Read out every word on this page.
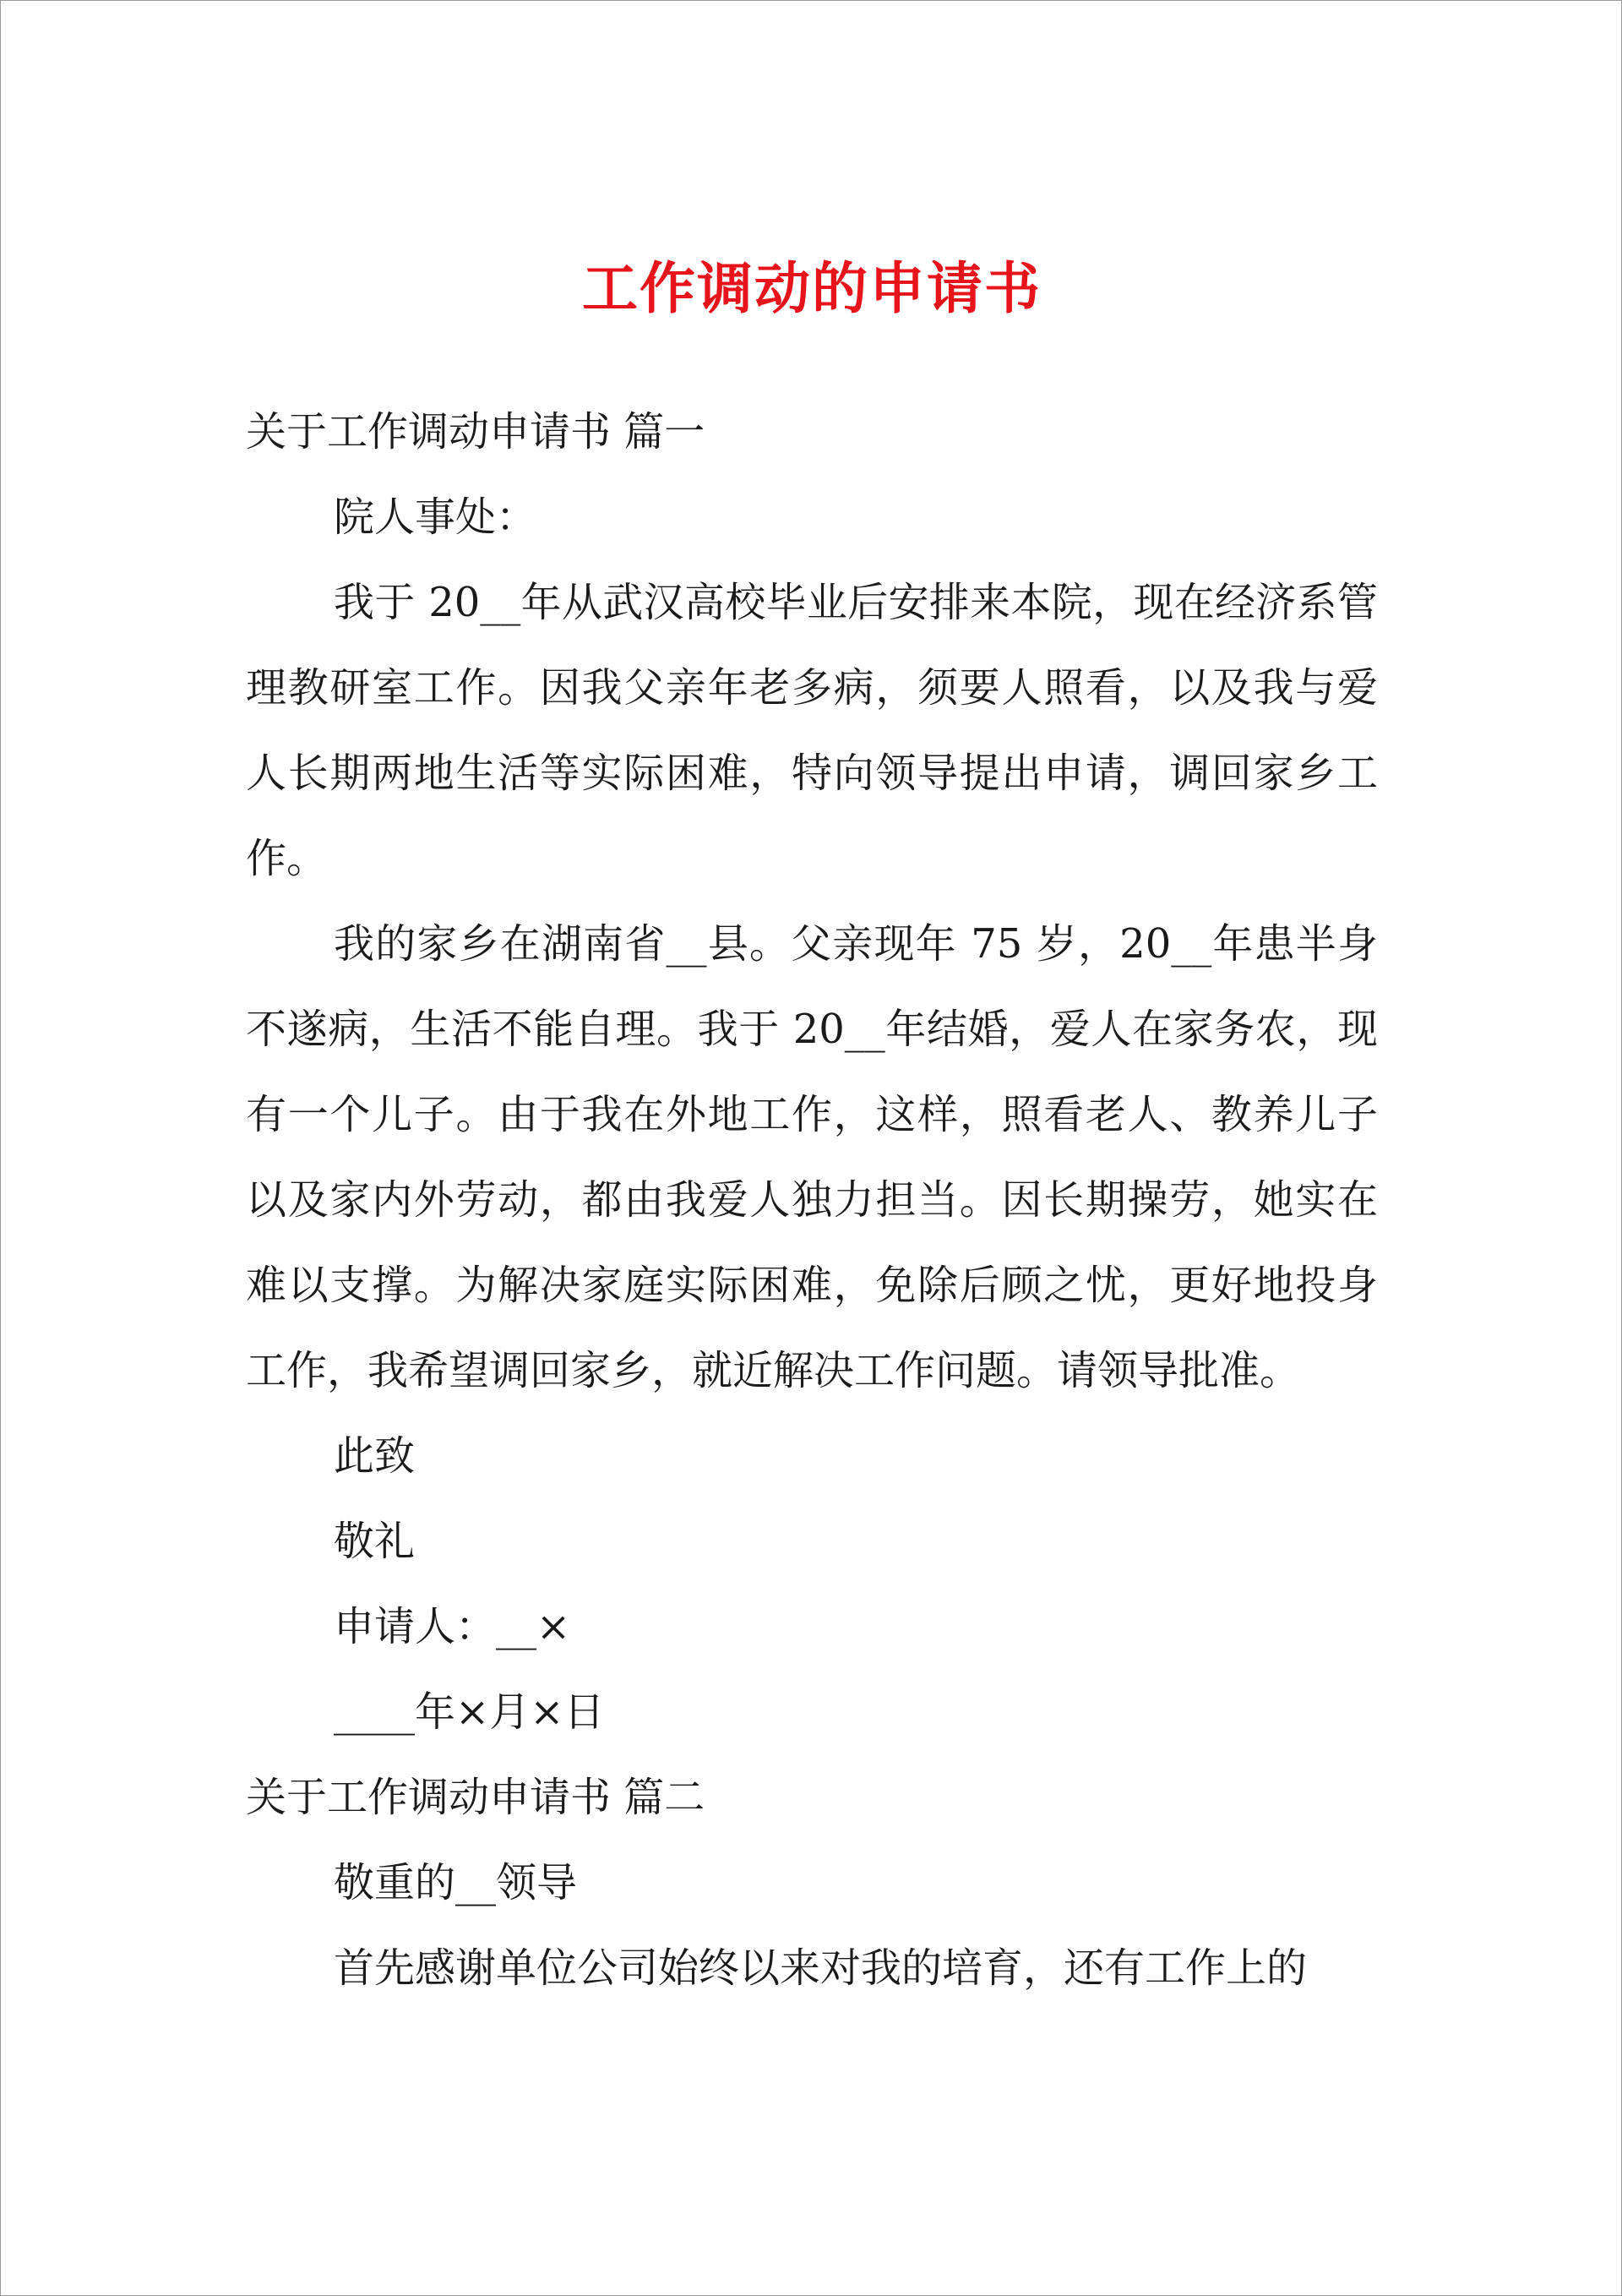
工作调动的申请书

关于工作调动申请书 篇一

院人事处：

我于 20__年从武汉高校毕业后安排来本院，现在经济系管理教研室工作。因我父亲年老多病，须要人照看，以及我与爱人长期两地生活等实际困难，特向领导提出申请，调回家乡工作。

我的家乡在湖南省__县。父亲现年 75 岁，20__年患半身不遂病，生活不能自理。我于 20__年结婚，爱人在家务农，现有一个儿子。由于我在外地工作，这样，照看老人、教养儿子以及家内外劳动，都由我爱人独力担当。因长期操劳，她实在难以支撑。为解决家庭实际困难，免除后顾之忧，更好地投身工作，我希望调回家乡，就近解决工作问题。请领导批准。

此致

敬礼

申请人：__×

____年×月×日

关于工作调动申请书 篇二

敬重的__领导

首先感谢单位公司始终以来对我的培育，还有工作上的
